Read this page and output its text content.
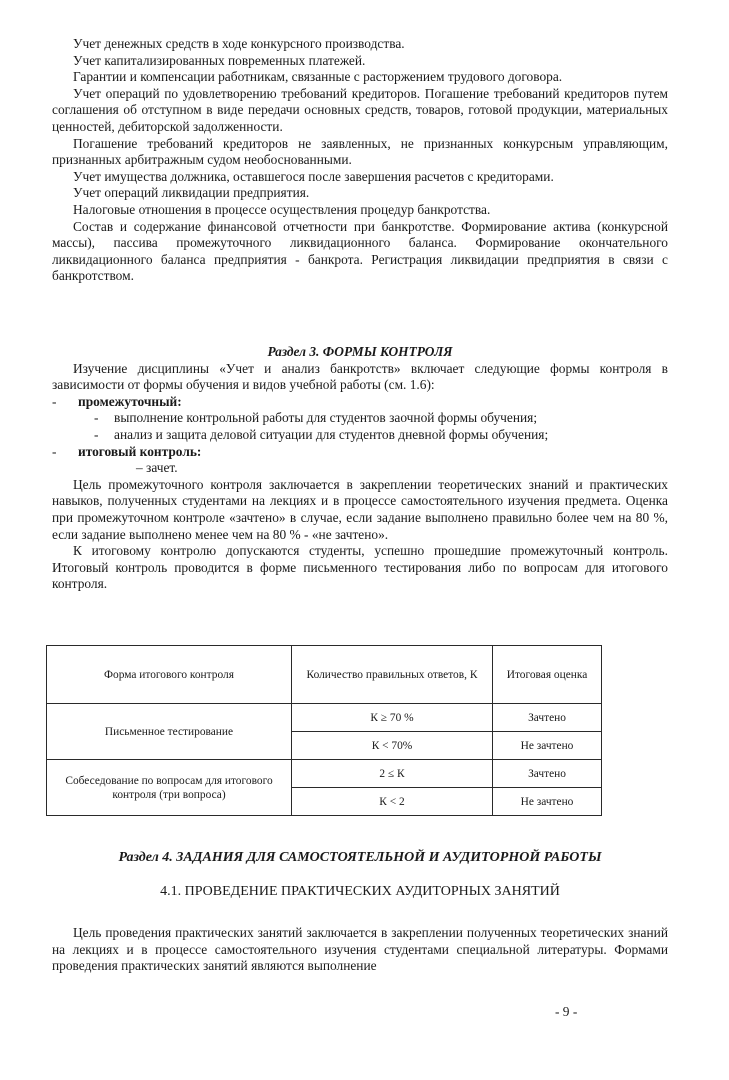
Учет денежных средств в ходе конкурсного производства.
Учет капитализированных повременных платежей.
Гарантии и компенсации работникам, связанные с расторжением трудового договора.
Учет операций по удовлетворению требований кредиторов. Погашение требований кредиторов путем соглашения об отступном в виде передачи основных средств, товаров, готовой продукции, материальных ценностей, дебиторской задолженности.
Погашение требований кредиторов не заявленных, не признанных конкурсным управляющим, признанных арбитражным судом необоснованными.
Учет имущества должника, оставшегося после завершения расчетов с кредиторами.
Учет операций ликвидации предприятия.
Налоговые отношения в процессе осуществления процедур банкротства.
Состав и содержание финансовой отчетности при банкротстве. Формирование актива (конкурсной массы), пассива промежуточного ликвидационного баланса. Формирование окончательного ликвидационного баланса предприятия - банкрота. Регистрация ликвидации предприятия в связи с банкротством.
Раздел 3. ФОРМЫ КОНТРОЛЯ
Изучение дисциплины «Учет и анализ банкротств» включает следующие формы контроля в зависимости от формы обучения и видов учебной работы (см. 1.6):
- промежуточный:
- выполнение контрольной работы для студентов заочной формы обучения;
- анализ и защита деловой ситуации для студентов дневной формы обучения;
- итоговый контроль:
– зачет.
Цель промежуточного контроля заключается в закреплении теоретических знаний и практических навыков, полученных студентами на лекциях и в процессе самостоятельного изучения предмета. Оценка при промежуточном контроле «зачтено» в случае, если задание выполнено правильно более чем на 80 %, если задание выполнено менее чем на 80 % - «не зачтено».
К итоговому контролю допускаются студенты, успешно прошедшие промежуточный контроль. Итоговый контроль проводится в форме письменного тестирования либо по вопросам для итогового контроля.
Форма итогового контроля	Количество правильных ответов, К	Итоговая оценка
Письменное тестирование	К ≥ 70 %	Зачтено
	К < 70%	Не зачтено
Собеседование по вопросам для итогового контроля (три вопроса)	2 ≤ К	Зачтено
	К < 2	Не зачтено
Раздел 4. ЗАДАНИЯ ДЛЯ САМОСТОЯТЕЛЬНОЙ И АУДИТОРНОЙ РАБОТЫ
4.1. ПРОВЕДЕНИЕ ПРАКТИЧЕСКИХ АУДИТОРНЫХ ЗАНЯТИЙ
Цель проведения практических занятий заключается в закреплении полученных теоретических знаний на лекциях и в процессе самостоятельного изучения студентами специальной литературы. Формами проведения практических занятий являются выполнение
- 9 -
